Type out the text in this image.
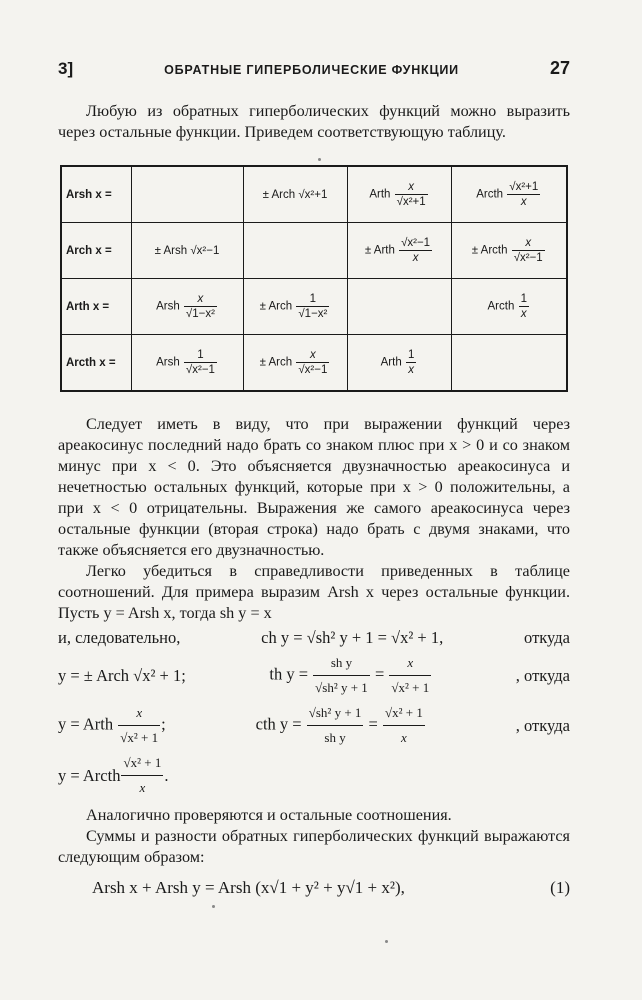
3]	ОБРАТНЫЕ ГИПЕРБОЛИЧЕСКИЕ ФУНКЦИИ	27

Любую из обратных гиперболических функций можно выразить через остальные функции. Приведем соответствующую таблицу.

Arsh x =		± Arch √x²+1	Arth $\frac{x}{\text{√x²+1}}$	Arcth $\frac{\text{√x²+1}}{x}$

Arch x =	± Arsh √x²−1		± Arth $\frac{\text{√x²−1}}{x}$	± Arcth $\frac{x}{\text{√x²−1}}$

Arth x =	Arsh $\frac{x}{\text{√1−x²}}$	± Arch $\frac{1}{\text{√1−x²}}$		Arcth $\frac{1}{x}$

Arcth x =	Arsh $\frac{1}{\text{√x²−1}}$	± Arch $\frac{x}{\text{√x²−1}}$	Arth $\frac{1}{x}$

Следует иметь в виду, что при выражении функций через ареакосинус последний надо брать со знаком плюс при x > 0 и со знаком минус при x < 0. Это объясняется двузначностью ареакосинуса и нечетностью остальных функций, которые при x > 0 положительны, а при x < 0 отрицательны. Выражения же самого ареакосинуса через остальные функции (вторая строка) надо брать с двумя знаками, что также объясняется его двузначностью.

Легко убедиться в справедливости приведенных в таблице соотношений. Для примера выразим Arsh x через остальные функции. Пусть y = Arsh x, тогда sh y = x

и, следовательно,	ch y = √sh² y + 1 = √x² + 1,	откуда
y = ± Arch √x² + 1;	th $y = \frac{\text{sh y}}{\text{√sh² y + 1}} = \frac{x}{\text{√x² + 1}}$	, откуда
y = Arth $\frac{x}{\text{√x² + 1}}$ ;	cth $y = \frac{\text{√sh² y + 1}}{\text{sh y}} = \frac{\text{√x² + 1}}{x}$	, откуда
y = Arcth $\frac{\text{√x² + 1}}{x}$ .

Аналогично проверяются и остальные соотношения.

Суммы и разности обратных гиперболических функций выражаются следующим образом:

Arsh x + Arsh y = Arsh (x√1 + y² + y√1 + x²),	(1)
